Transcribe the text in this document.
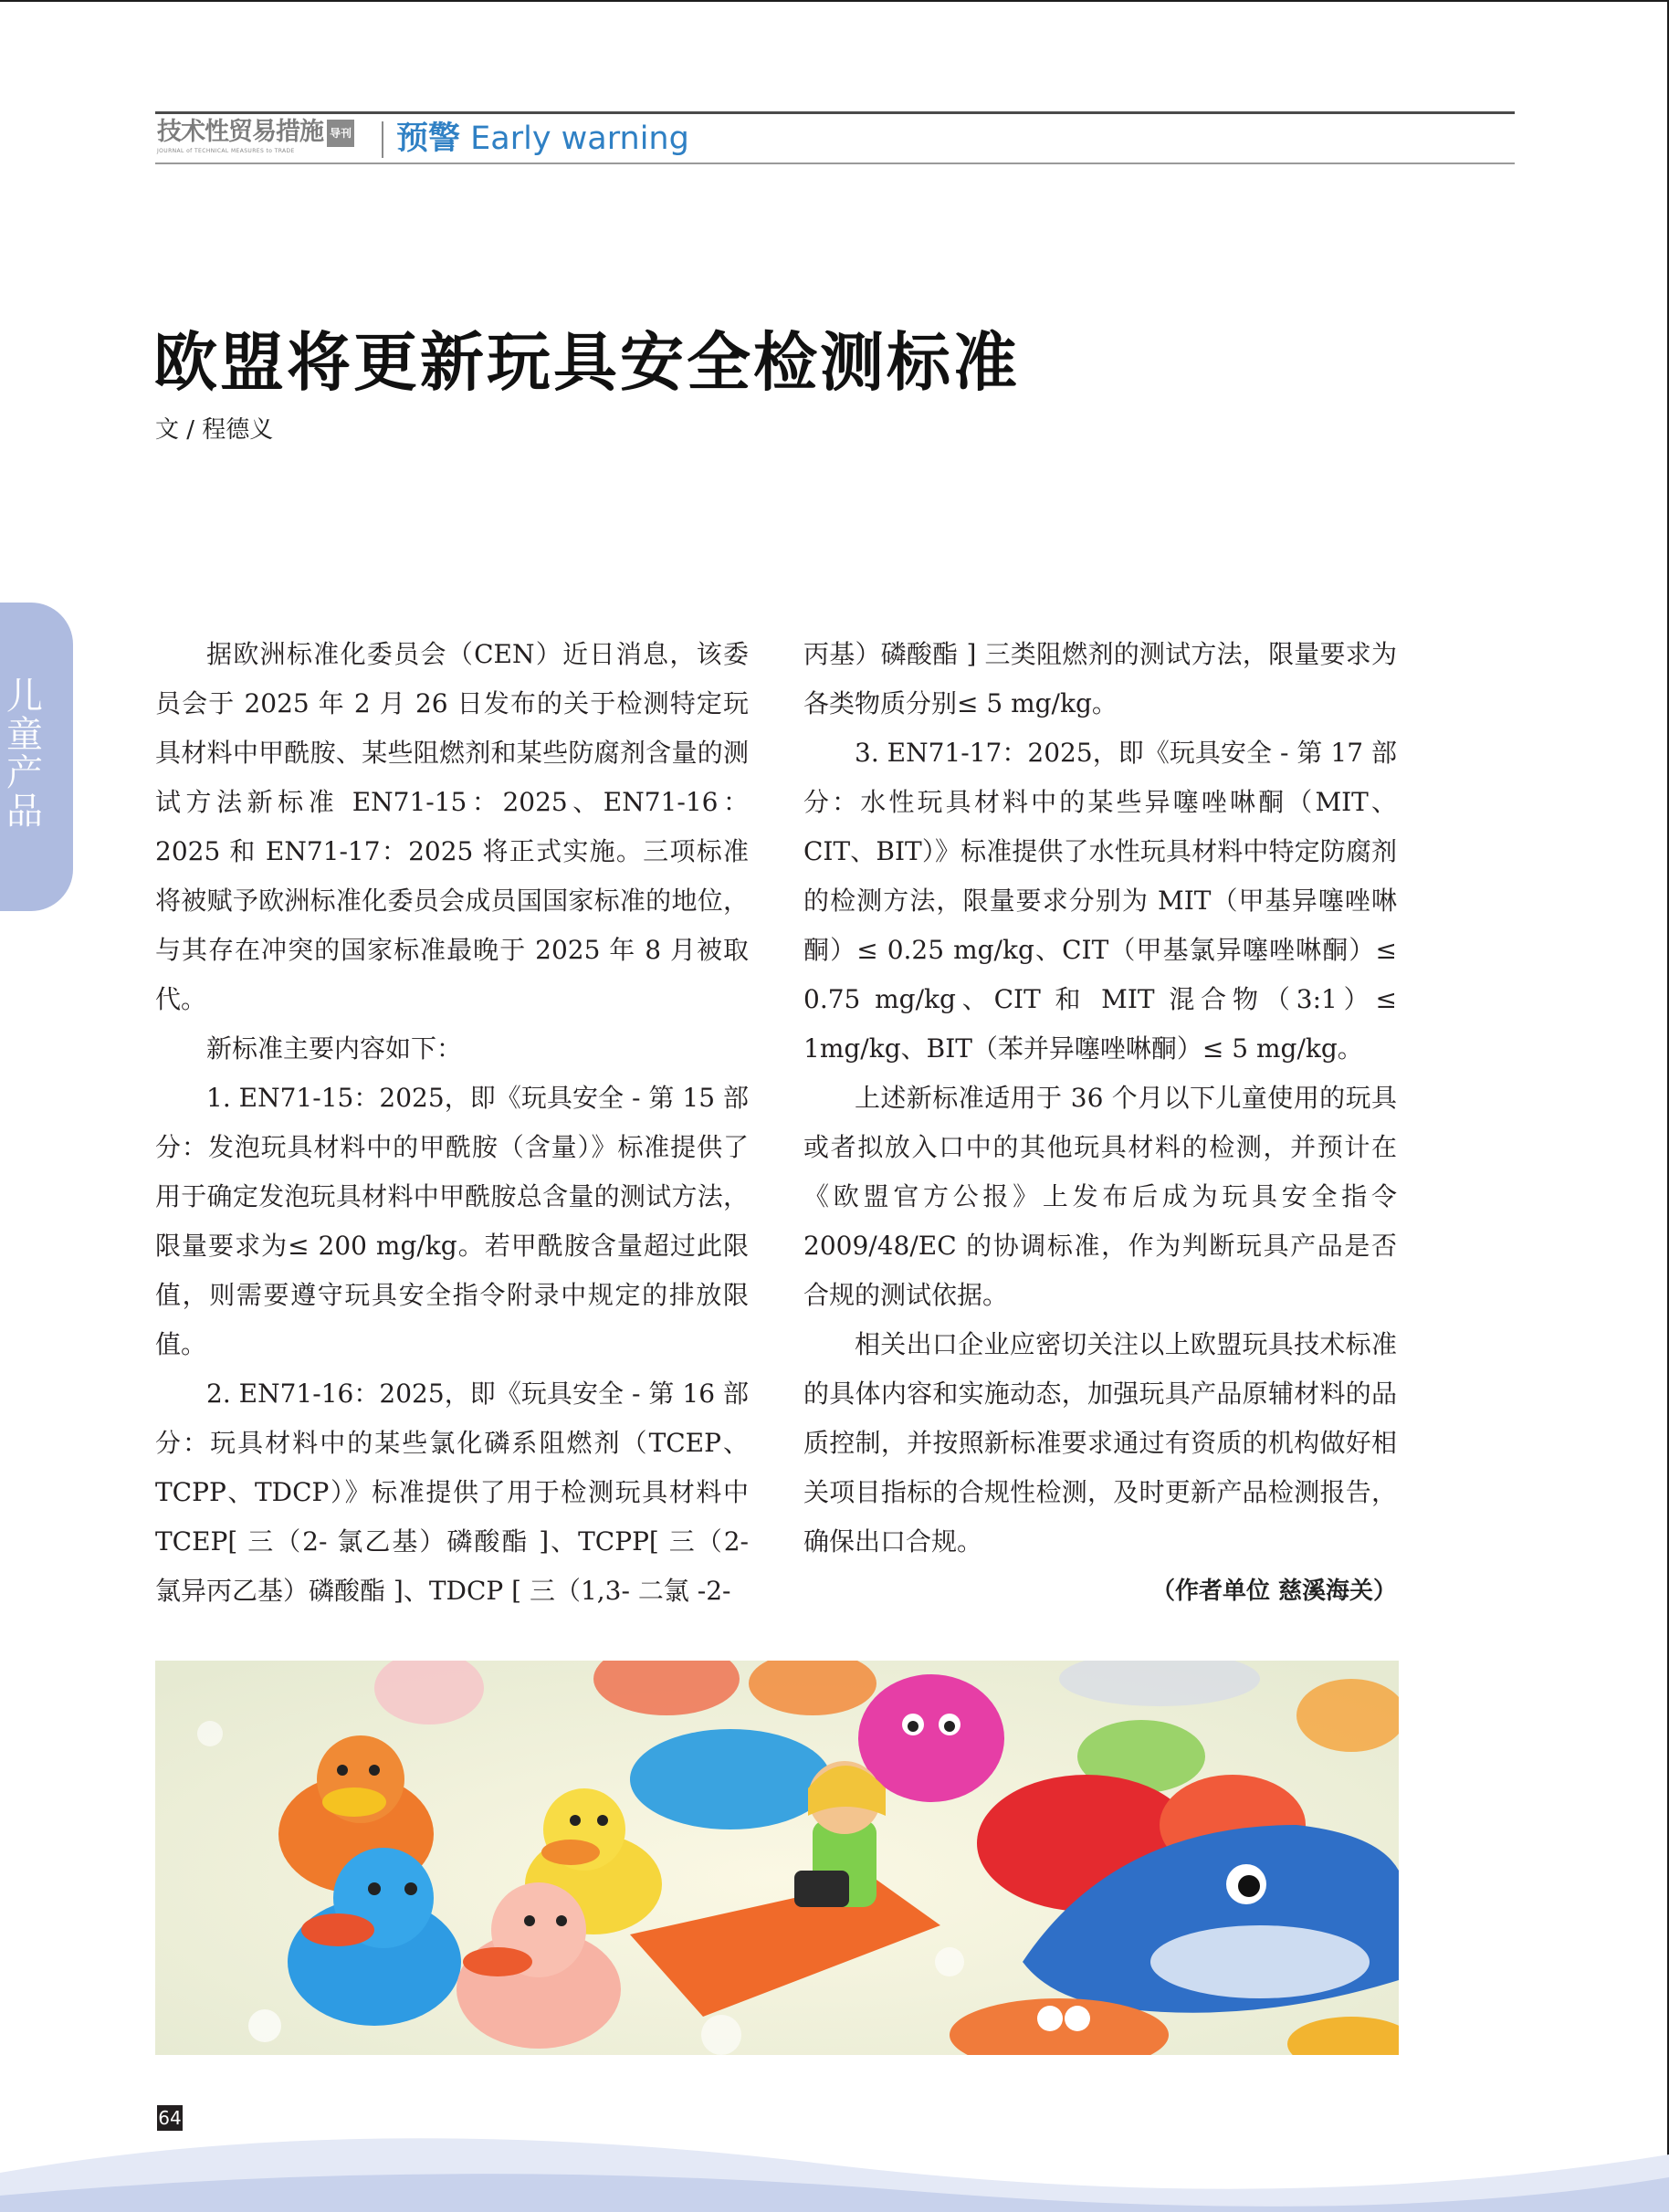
技术性贸易措施 导刊
JOURNAL of TECHNICAL MEASURES to TRADE	预警 Early warning
欧盟将更新玩具安全检测标准
文 / 程德义
儿童产品

据欧洲标准化委员会（CEN）近日消息，该委员会于 2025 年 2 月 26 日发布的关于检测特定玩具材料中甲酰胺、某些阻燃剂和某些防腐剂含量的测试方法新标准 EN71-15：2025、EN71-16：2025 和 EN71-17：2025 将正式实施。三项标准将被赋予欧洲标准化委员会成员国国家标准的地位，与其存在冲突的国家标准最晚于 2025 年 8 月被取代。

新标准主要内容如下：

1. EN71-15：2025，即《玩具安全 - 第 15 部分：发泡玩具材料中的甲酰胺（含量）》标准提供了用于确定发泡玩具材料中甲酰胺总含量的测试方法，限量要求为≤ 200 mg/kg。若甲酰胺含量超过此限值，则需要遵守玩具安全指令附录中规定的排放限值。

2. EN71-16：2025，即《玩具安全 - 第 16 部分：玩具材料中的某些氯化磷系阻燃剂（TCEP、TCPP、TDCP）》标准提供了用于检测玩具材料中 TCEP[ 三（2- 氯乙基）磷酸酯 ]、TCPP[ 三（2- 氯异丙乙基）磷酸酯 ]、TDCP [ 三（1,3- 二氯 -2-

丙基）磷酸酯 ] 三类阻燃剂的测试方法，限量要求为各类物质分别≤ 5 mg/kg。

3. EN71-17：2025，即《玩具安全 - 第 17 部分：水性玩具材料中的某些异噻唑啉酮（MIT、CIT、BIT）》标准提供了水性玩具材料中特定防腐剂的检测方法，限量要求分别为 MIT（甲基异噻唑啉酮）≤ 0.25 mg/kg、CIT（甲基氯异噻唑啉酮）≤ 0.75 mg/kg、CIT 和 MIT 混合物（3:1）≤ 1mg/kg、BIT（苯并异噻唑啉酮）≤ 5 mg/kg。

上述新标准适用于 36 个月以下儿童使用的玩具或者拟放入口中的其他玩具材料的检测，并预计在《欧盟官方公报》上发布后成为玩具安全指令 2009/48/EC 的协调标准，作为判断玩具产品是否合规的测试依据。

相关出口企业应密切关注以上欧盟玩具技术标准的具体内容和实施动态，加强玩具产品原辅材料的品质控制，并按照新标准要求通过有资质的机构做好相关项目指标的合规性检测，及时更新产品检测报告，确保出口合规。

（作者单位 慈溪海关）

64
